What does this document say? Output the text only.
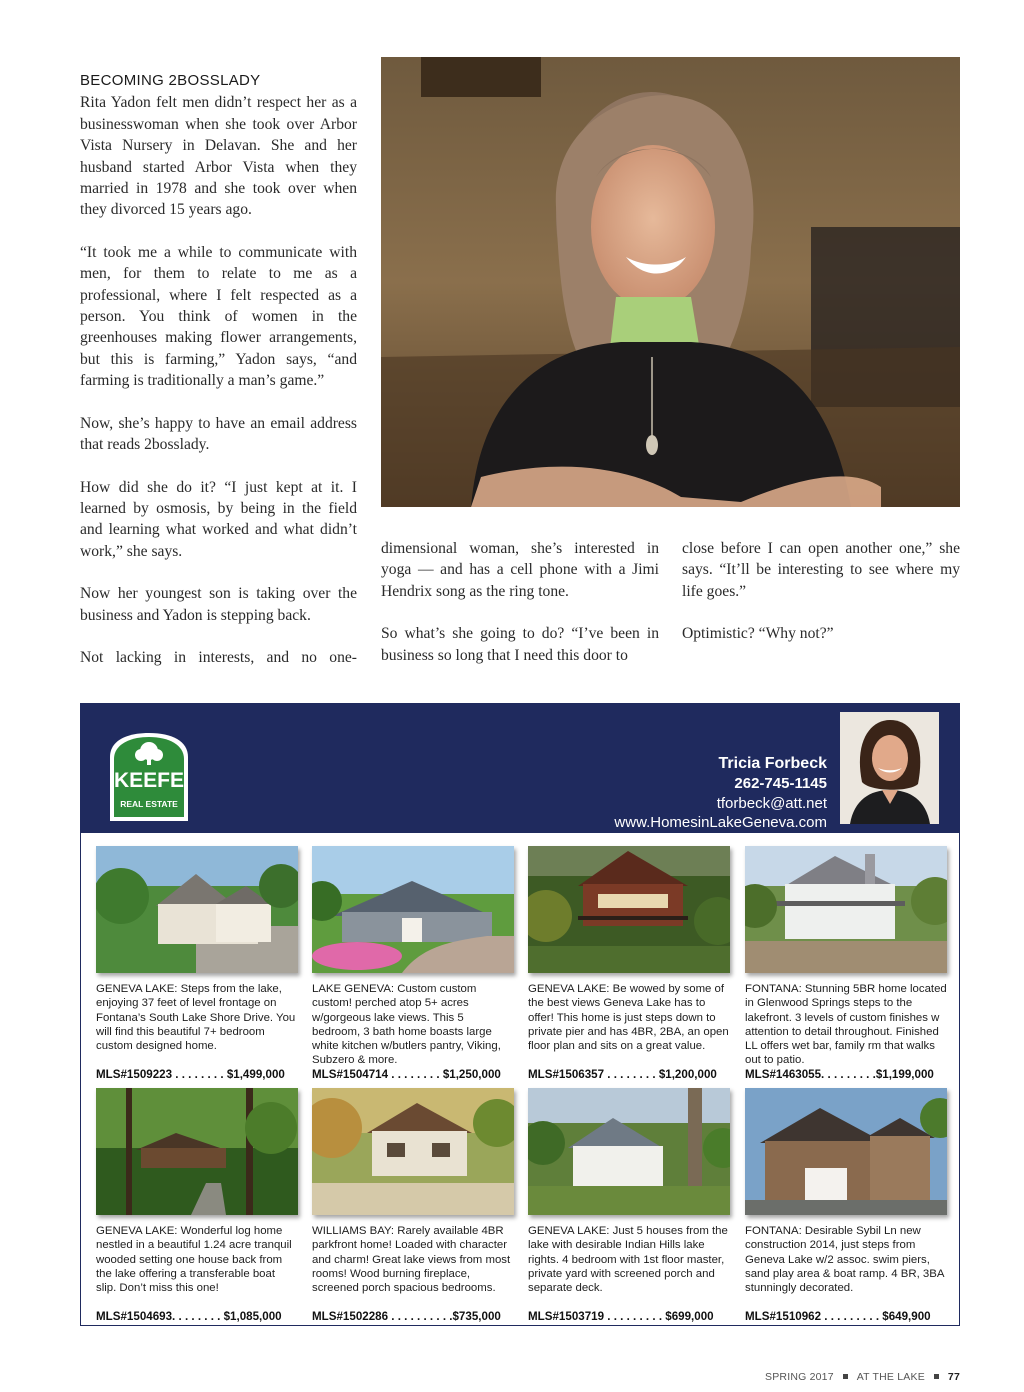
BECOMING 2BOSSLADY

Rita Yadon felt men didn’t respect her as a businesswoman when she took over Arbor Vista Nursery in Delavan. She and her husband started Arbor Vista when they married in 1978 and she took over when they divorced 15 years ago.

“It took me a while to communicate with men, for them to relate to me as a professional, where I felt respected as a person. You think of women in the greenhouses making flower arrangements, but this is farming,” Yadon says, “and farming is traditionally a man’s game.”

Now, she’s happy to have an email address that reads 2bosslady.

How did she do it? “I just kept at it. I learned by osmosis, by being in the field and learning what worked and what didn’t work,” she says.

Now her youngest son is taking over the business and Yadon is stepping back.

Not lacking in interests, and no one-

dimensional woman, she’s interested in yoga — and has a cell phone with a Jimi Hendrix song as the ring tone.

So what’s she going to do? “I’ve been in business so long that I need this door to

close before I can open another one,” she says. “It’ll be interesting to see where my life goes.”

Optimistic? “Why not?”

KEEFE
REAL ESTATE
Tricia Forbeck
262-745-1145
tforbeck@att.net
www.HomesinLakeGeneva.com
GENEVA LAKE: Steps from the lake, enjoying 37 feet of level frontage on Fontana’s South Lake Shore Drive. You will find this beautiful 7+ bedroom custom designed home.
MLS#1509223 . . . . . . . . $1,499,000
LAKE GENEVA: Custom custom custom! perched atop 5+ acres w/gorgeous lake views. This 5 bedroom, 3 bath home boasts large white kitchen w/butlers pantry, Viking, Subzero & more.
MLS#1504714 . . . . . . . . $1,250,000
GENEVA LAKE: Be wowed by some of the best views Geneva Lake has to offer! This home is just steps down to private pier and has 4BR, 2BA, an open floor plan and sits on a great value.
MLS#1506357 . . . . . . . . $1,200,000
FONTANA: Stunning 5BR home located in Glenwood Springs steps to the lakefront. 3 levels of custom finishes w attention to detail throughout. Finished LL offers wet bar, family rm that walks out to patio.
MLS#1463055. . . . . . . . .$1,199,000
GENEVA LAKE: Wonderful log home nestled in a beautiful 1.24 acre tranquil wooded setting one house back from the lake offering a transferable boat slip. Don’t miss this one!
MLS#1504693. . . . . . . . $1,085,000
WILLIAMS BAY: Rarely available 4BR parkfront home! Loaded with character and charm! Great lake views from most rooms! Wood burning fireplace, screened porch spacious bedrooms.
MLS#1502286 . . . . . . . . . .$735,000
GENEVA LAKE: Just 5 houses from the lake with desirable Indian Hills lake rights. 4 bedroom with 1st floor master, private yard with screened porch and separate deck.
MLS#1503719 . . . . . . . . . $699,000
FONTANA: Desirable Sybil Ln new construction 2014, just steps from Geneva Lake w/2 assoc. swim piers, sand play area & boat ramp. 4 BR, 3BA stunningly decorated.
MLS#1510962 . . . . . . . . . $649,900
SPRING 2017 AT THE LAKE 77
